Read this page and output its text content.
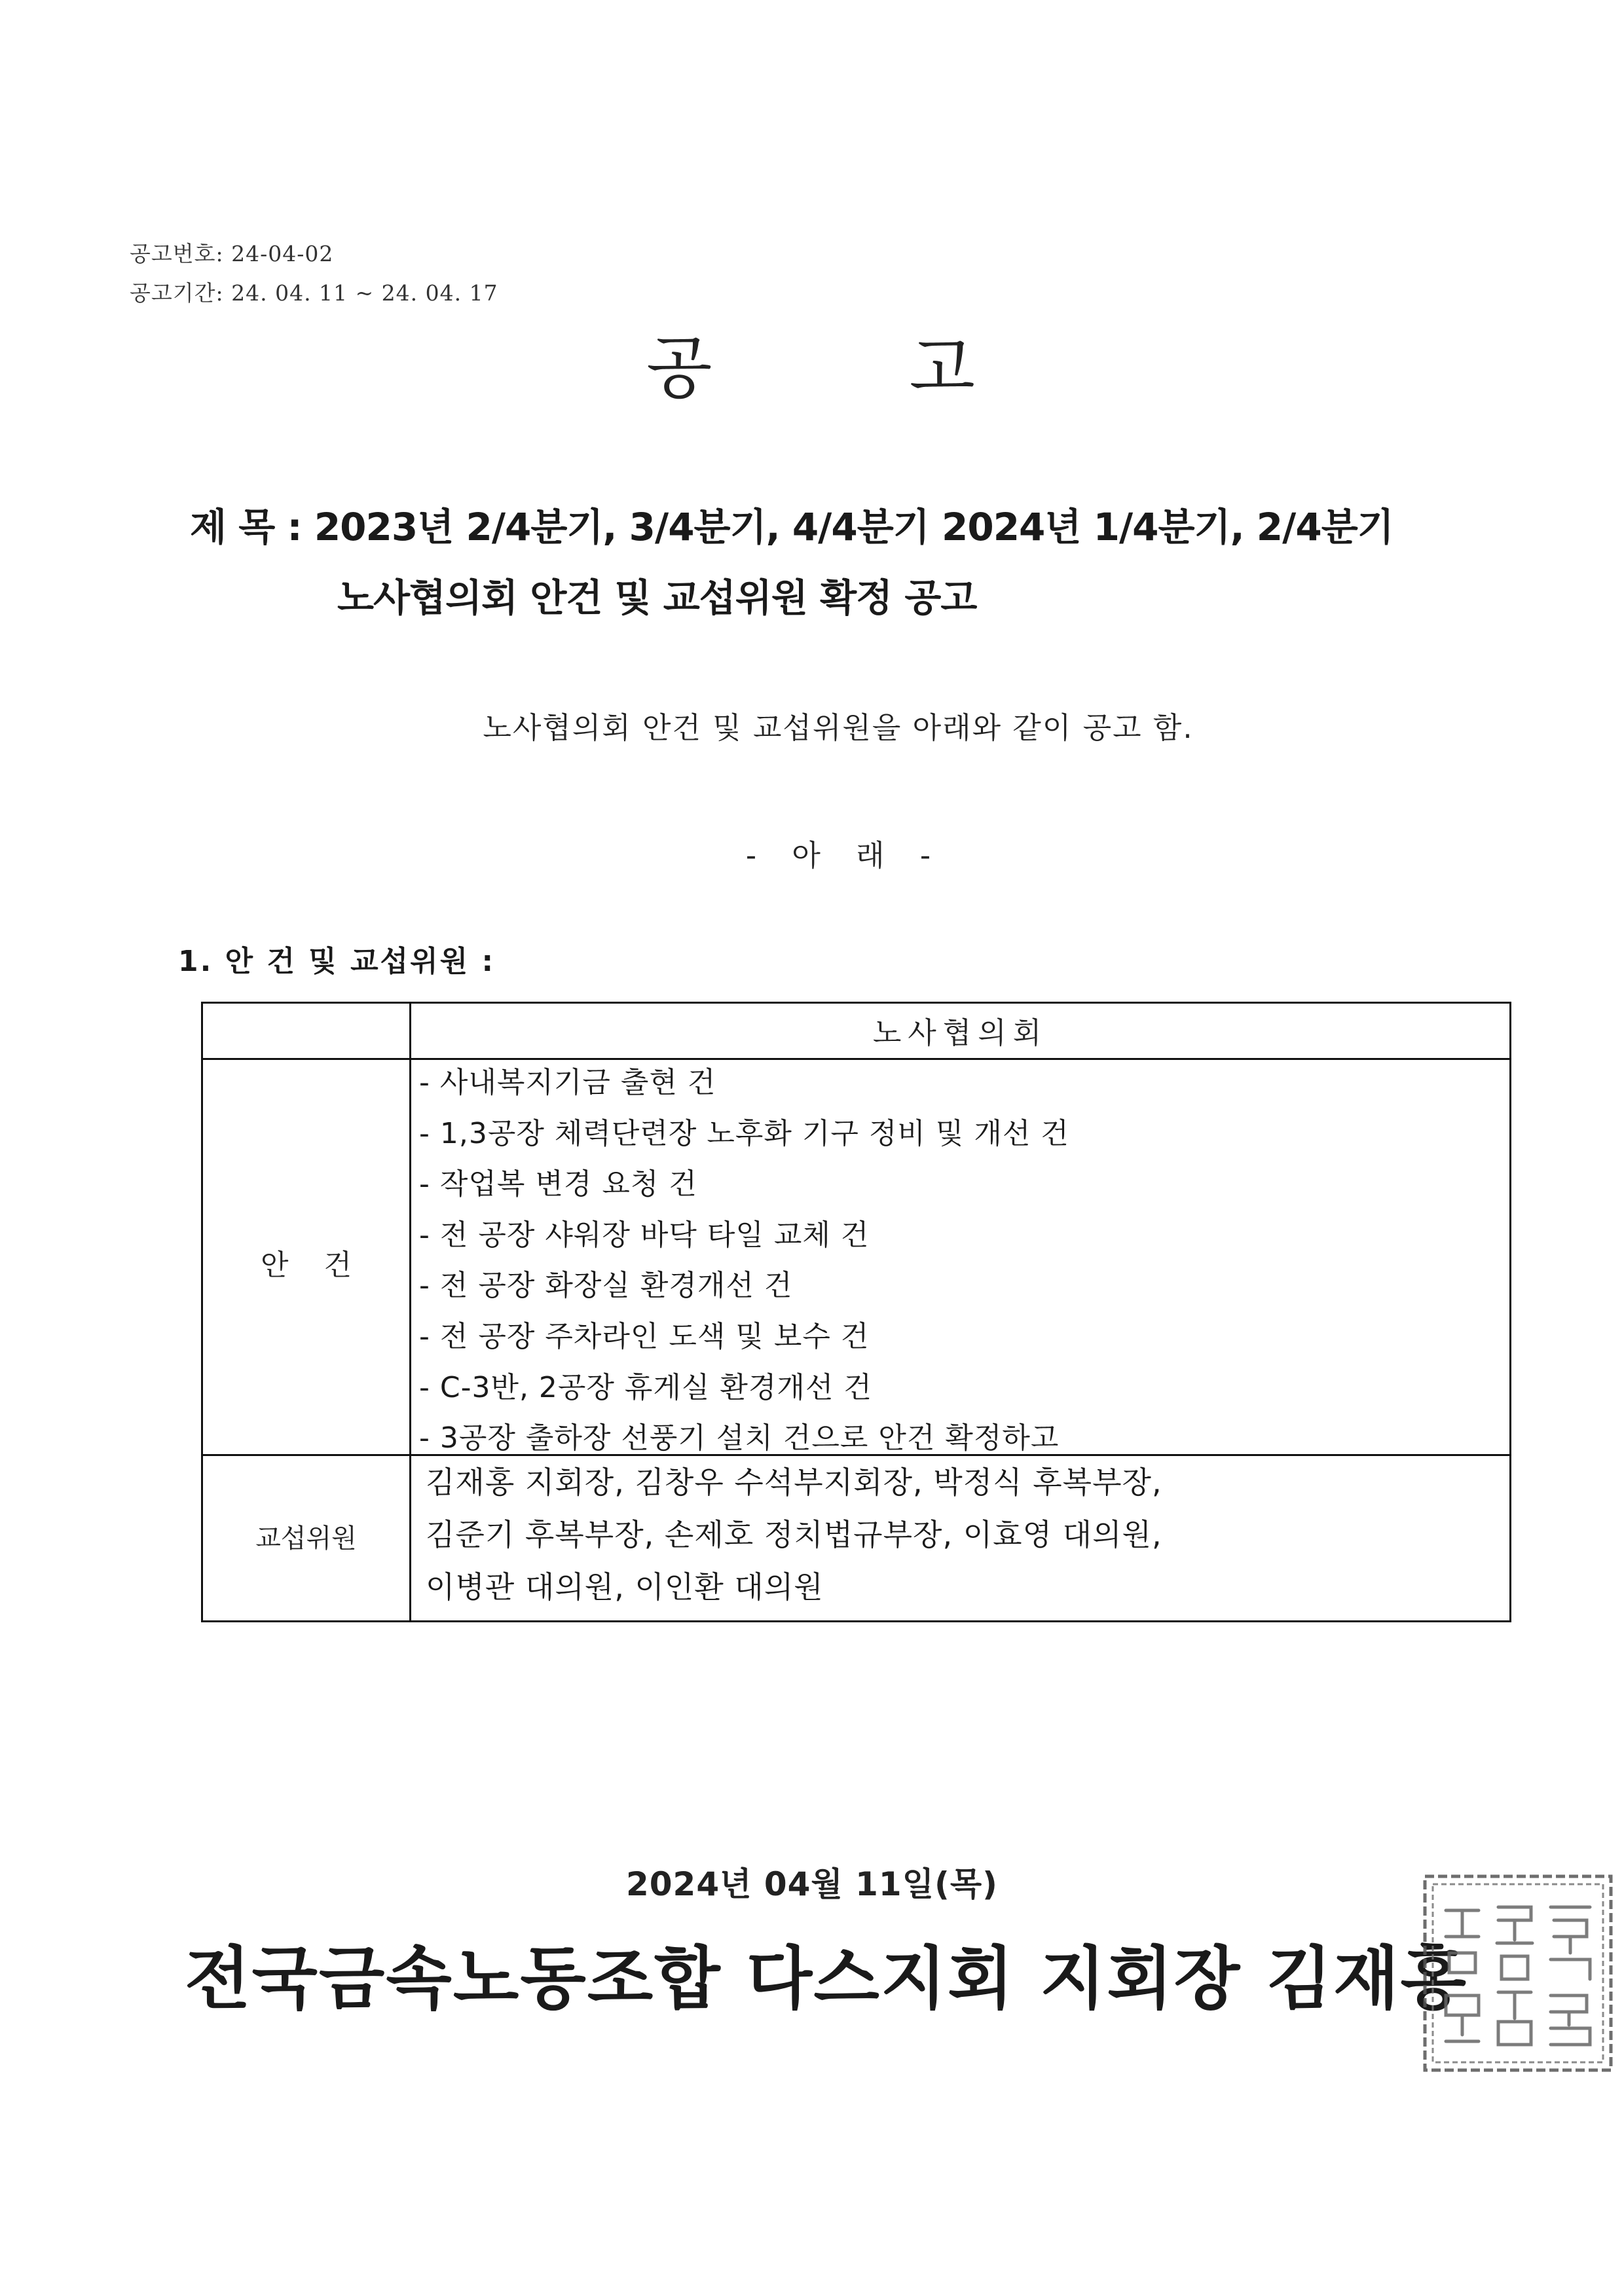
공고번호: 24-04-02
공고기간: 24. 04. 11 ~ 24. 04. 17
공 고
제 목 : 2023년 2/4분기, 3/4분기, 4/4분기 2024년 1/4분기, 2/4분기
노사협의회 안건 및 교섭위원 확정 공고
노사협의회 안건 및 교섭위원을 아래와 같이 공고 함.
- 아 래 -
1. 안 건 및 교섭위원 :
노사협의회
안 건
- 사내복지기금 출현 건
- 1,3공장 체력단련장 노후화 기구 정비 및 개선 건
- 작업복 변경 요청 건
- 전 공장 샤워장 바닥 타일 교체 건
- 전 공장 화장실 환경개선 건
- 전 공장 주차라인 도색 및 보수 건
- C-3반, 2공장 휴게실 환경개선 건
- 3공장 출하장 선풍기 설치 건으로 안건 확정하고
교섭위원
김재홍 지회장, 김창우 수석부지회장, 박정식 후복부장,
김준기 후복부장, 손제호 정치법규부장, 이효영 대의원,
이병관 대의원, 이인환 대의원
2024년 04월 11일(목)
전국금속노동조합 다스지회 지회장 김재홍
